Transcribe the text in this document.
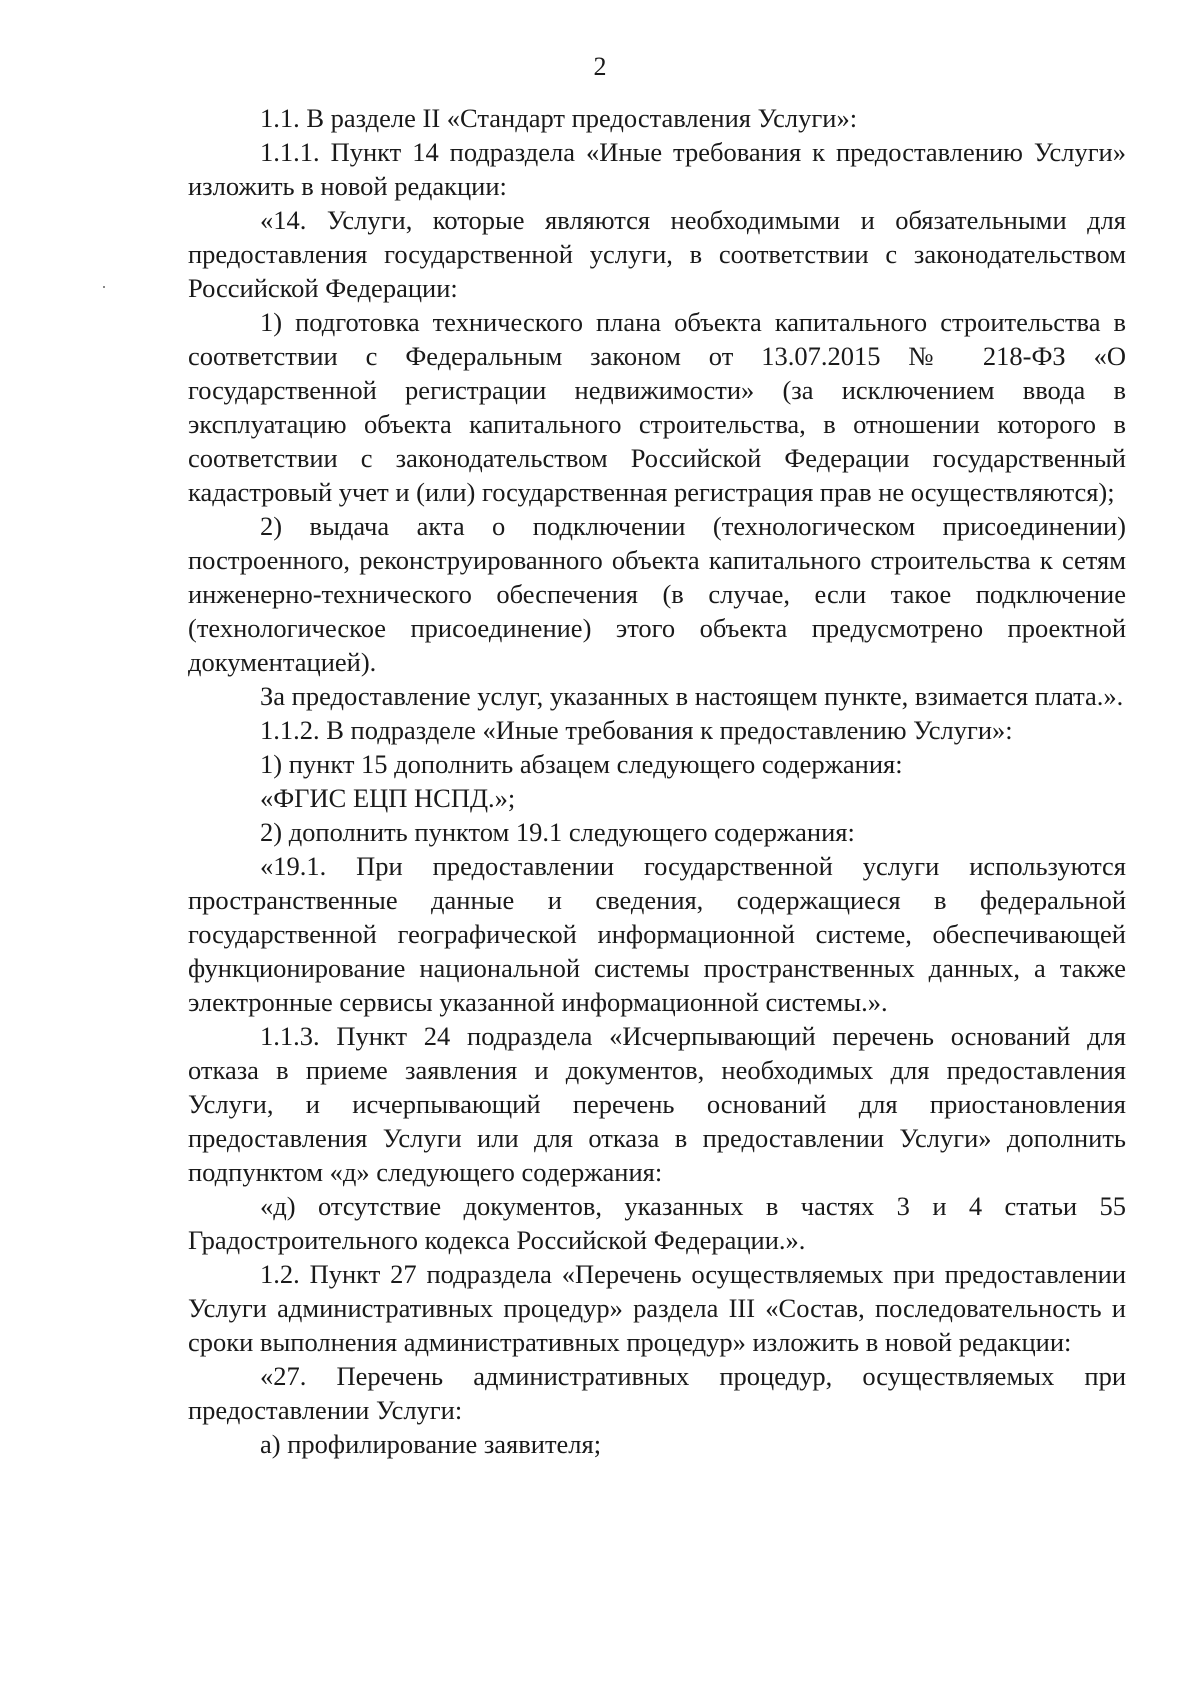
2

1.1. В разделе II «Стандарт предоставления Услуги»:

1.1.1. Пункт 14 подраздела «Иные требования к предоставлению Услуги» изложить в новой редакции:

«14. Услуги, которые являются необходимыми и обязательными для предоставления государственной услуги, в соответствии с законодательством Российской Федерации:

1) подготовка технического плана объекта капитального строительства в соответствии с Федеральным законом от 13.07.2015 № 218-ФЗ «О государственной регистрации недвижимости» (за исключением ввода в эксплуатацию объекта капитального строительства, в отношении которого в соответствии с законодательством Российской Федерации государственный кадастровый учет и (или) государственная регистрация прав не осуществляются);

2) выдача акта о подключении (технологическом присоединении) построенного, реконструированного объекта капитального строительства к сетям инженерно-технического обеспечения (в случае, если такое подключение (технологическое присоединение) этого объекта предусмотрено проектной документацией).

За предоставление услуг, указанных в настоящем пункте, взимается плата.».

1.1.2. В подразделе «Иные требования к предоставлению Услуги»:

1) пункт 15 дополнить абзацем следующего содержания:

«ФГИС ЕЦП НСПД.»;

2) дополнить пунктом 19.1 следующего содержания:

«19.1. При предоставлении государственной услуги используются пространственные данные и сведения, содержащиеся в федеральной государственной географической информационной системе, обеспечивающей функционирование национальной системы пространственных данных, а также электронные сервисы указанной информационной системы.».

1.1.3. Пункт 24 подраздела «Исчерпывающий перечень оснований для отказа в приеме заявления и документов, необходимых для предоставления Услуги, и исчерпывающий перечень оснований для приостановления предоставления Услуги или для отказа в предоставлении Услуги» дополнить подпунктом «д» следующего содержания:

«д) отсутствие документов, указанных в частях 3 и 4 статьи 55 Градостроительного кодекса Российской Федерации.».

1.2. Пункт 27 подраздела «Перечень осуществляемых при предоставлении Услуги административных процедур» раздела III «Состав, последовательность и сроки выполнения административных процедур» изложить в новой редакции:

«27. Перечень административных процедур, осуществляемых при предоставлении Услуги:

а) профилирование заявителя;
